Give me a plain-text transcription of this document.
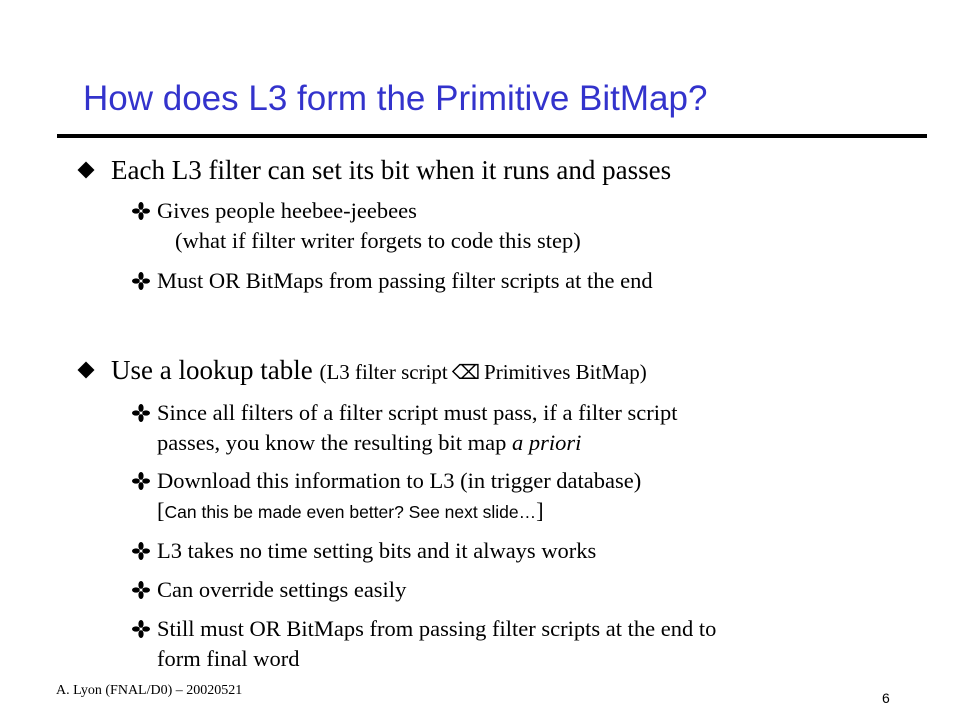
How does L3 form the Primitive BitMap?
Each L3 filter can set its bit when it runs and passes
Gives people heebee-jeebees
(what if filter writer forgets to code this step)
Must OR BitMaps from passing filter scripts at the end
Use a lookup table (L3 filter script ⌫ Primitives BitMap)
Since all filters of a filter script must pass, if a filter script
passes, you know the resulting bit map a priori
Download this information to L3 (in trigger database)
[Can this be made even better? See next slide…]
L3 takes no time setting bits and it always works
Can override settings easily
Still must OR BitMaps from passing filter scripts at the end to
form final word
A. Lyon (FNAL/D0) – 20020521	6
